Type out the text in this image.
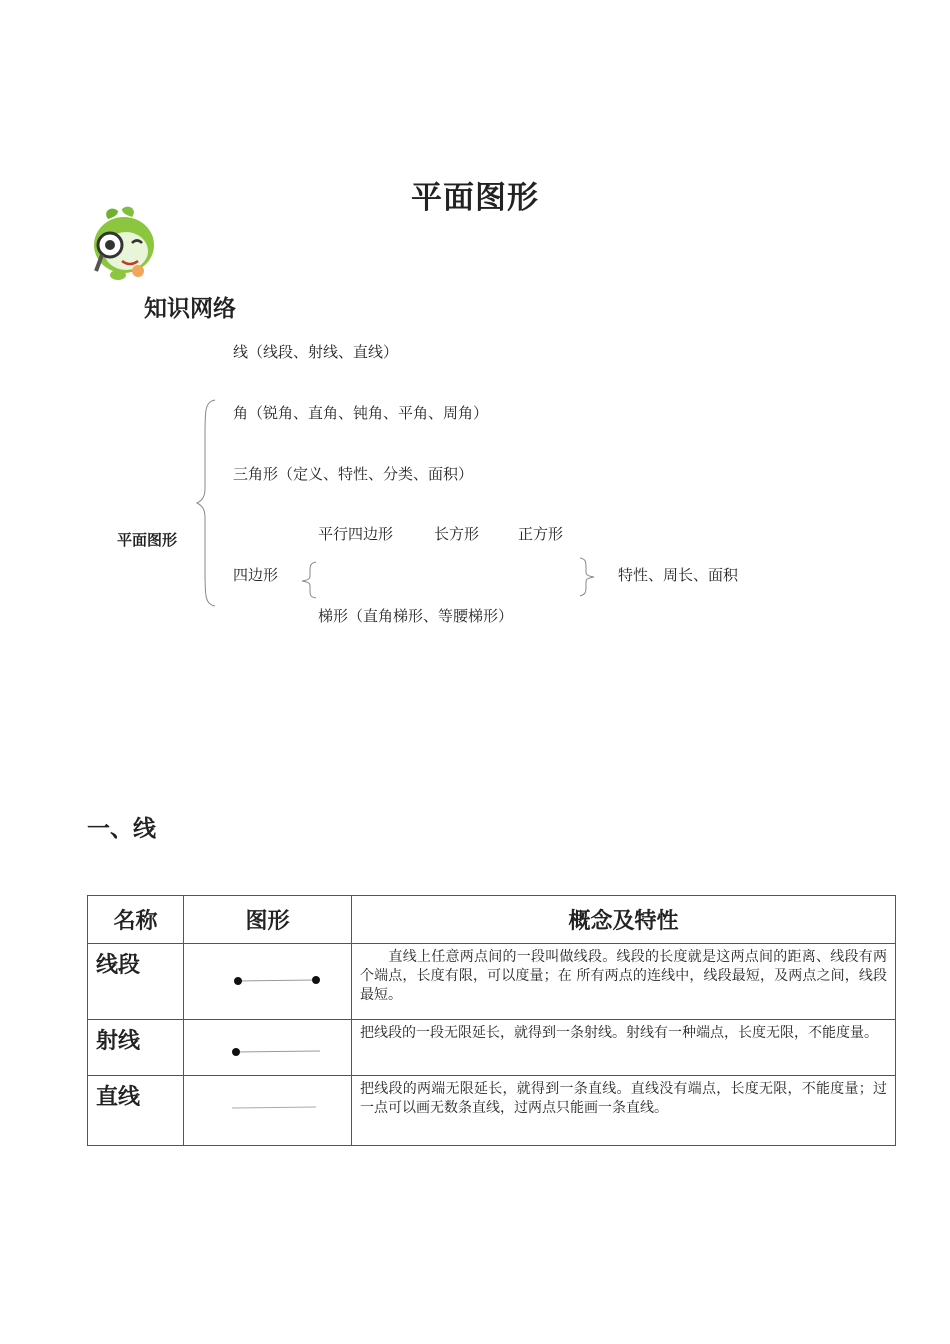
平面图形
知识网络
平面图形
线（线段、射线、直线）
角（锐角、直角、钝角、平角、周角）
三角形（定义、特性、分类、面积）
四边形
平行四边形	长方形	正方形
梯形（直角梯形、等腰梯形）
特性、周长、面积
一、线
名称	图形	概念及特性
线段		　　直线上任意两点间的一段叫做线段。线段的长度就是这两点间的距离、线段有两个端点，长度有限，可以度量；在 所有两点的连线中，线段最短，及两点之间，线段最短。
射线		把线段的一段无限延长，就得到一条射线。射线有一种端点，长度无限，不能度量。
直线		把线段的两端无限延长，就得到一条直线。直线没有端点，长度无限，不能度量；过一点可以画无数条直线，过两点只能画一条直线。
